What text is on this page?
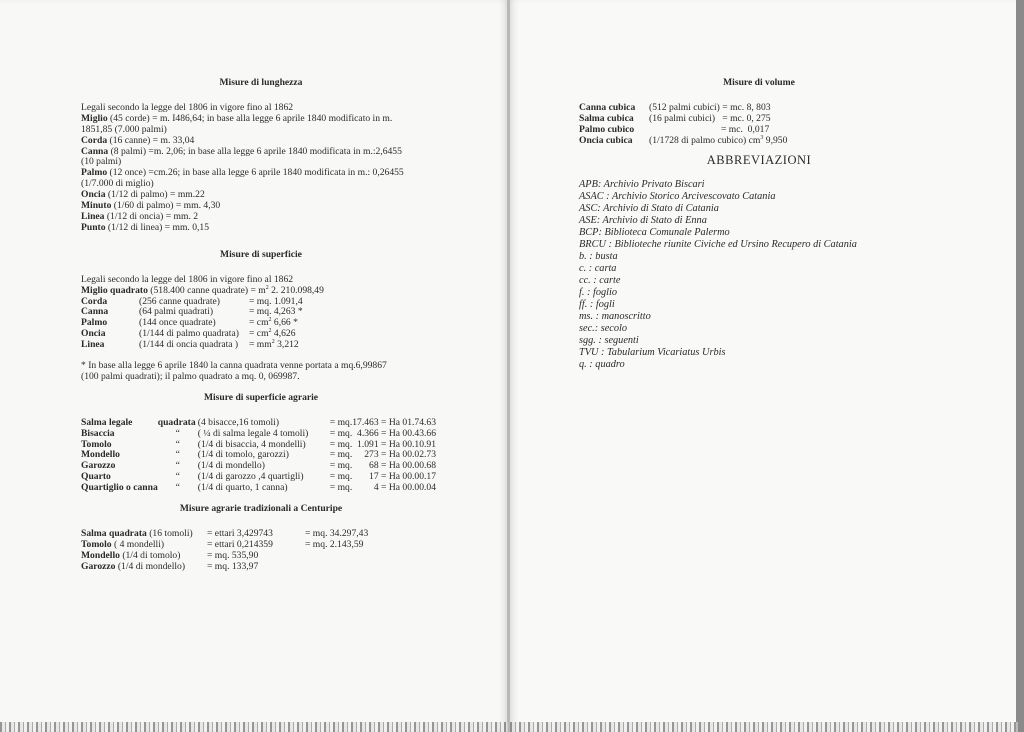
Misure di lunghezza
Legali secondo la legge del 1806 in vigore fino al 1862
Miglio (45 corde) = m. I486,64; in base alla legge 6 aprile 1840 modificato in m.
1851,85 (7.000 palmi)
Corda (16 canne) = m. 33,04
Canna (8 palmi) =m. 2,06; in base alla legge 6 aprile 1840 modificata in m.:2,6455
(10 palmi)
Palmo (12 once) =cm.26; in base alla legge 6 aprile 1840 modificata in m.: 0,26455
(1/7.000 di miglio)
Oncia (1/12 di palmo) = mm.22
Minuto (1/60 di palmo) = mm. 4,30
Linea (1/12 di oncia) = mm. 2
Punto (1/12 di linea) = mm. 0,15
Misure di superficie
Legali secondo la legge del 1806 in vigore fino al 1862
Miglio quadrato (518.400 canne quadrate) = $m^2$ 2. 210.098,49
Corda	(256 canne quadrate)	= mq. 1.091,4
Canna	(64 palmi quadrati)	= mq. 4,263 *
Palmo	(144 once quadrate)	= $cm^2$ 6,66 *
Oncia	(1/144 di palmo quadrata)	= $cm^2$ 4,626
Linea	(1/144 di oncia quadrata )	= $mm^2$ 3,212
* In base alla legge 6 aprile 1840 la canna quadrata venne portata a mq.6,99867
(100 palmi quadrati); il palmo quadrato a mq. 0, 069987.
Misure di superficie agrarie
Salma legale	quadrata	(4 bisacce,16 tomoli)	= mq.17.463 = Ha 01.74.63
Bisaccia	“	( ¼ di salma legale 4 tomoli)	= mq.  4.366 = Ha 00.43.66
Tomolo	“	(1/4 di bisaccia, 4 mondelli)	= mq.  1.091 = Ha 00.10.91
Mondello	“	(1/4 di tomolo, garozzi)	= mq.     273 = Ha 00.02.73
Garozzo	“	(1/4 di mondello)	= mq.       68 = Ha 00.00.68
Quarto	“	(1/4 di garozzo ,4 quartigli)	= mq.       17 = Ha 00.00.17
Quartiglio o canna	“	(1/4 di quarto, 1 canna)	= mq.         4 = Ha 00.00.04
Misure agrarie tradizionali a Centuripe
Salma quadrata (16 tomoli)	= ettari 3,429743	= mq. 34.297,43
Tomolo ( 4 mondelli)	= ettari 0,214359	= mq. 2.143,59
Mondello (1/4 di tomolo)	= mq. 535,90	
Garozzo (1/4 di mondello)	= mq. 133,97	
Misure di volume
Canna cubica	(512 palmi cubici) = mc. 8, 803
Salma cubica	(16 palmi cubici)   = mc. 0, 275
Palmo cubico	= mc.  0,017
Oncia cubica	(1/1728 di palmo cubico) $cm^3$ 9,950
ABBREVIAZIONI
APB: Archivio Privato Biscari
ASAC : Archivio Storico Arcivescovato Catania
ASC: Archivio di Stato di Catania
ASE: Archivio di Stato di Enna
BCP: Biblioteca Comunale Palermo
BRCU : Biblioteche riunite Civiche ed Ursino Recupero di Catania
b. : busta
c. : carta
cc. : carte
f. : foglio
ff. : fogli
ms. : manoscritto
sec.: secolo
sgg. : seguenti
TVU : Tabularium Vicariatus Urbis
q. : quadro
